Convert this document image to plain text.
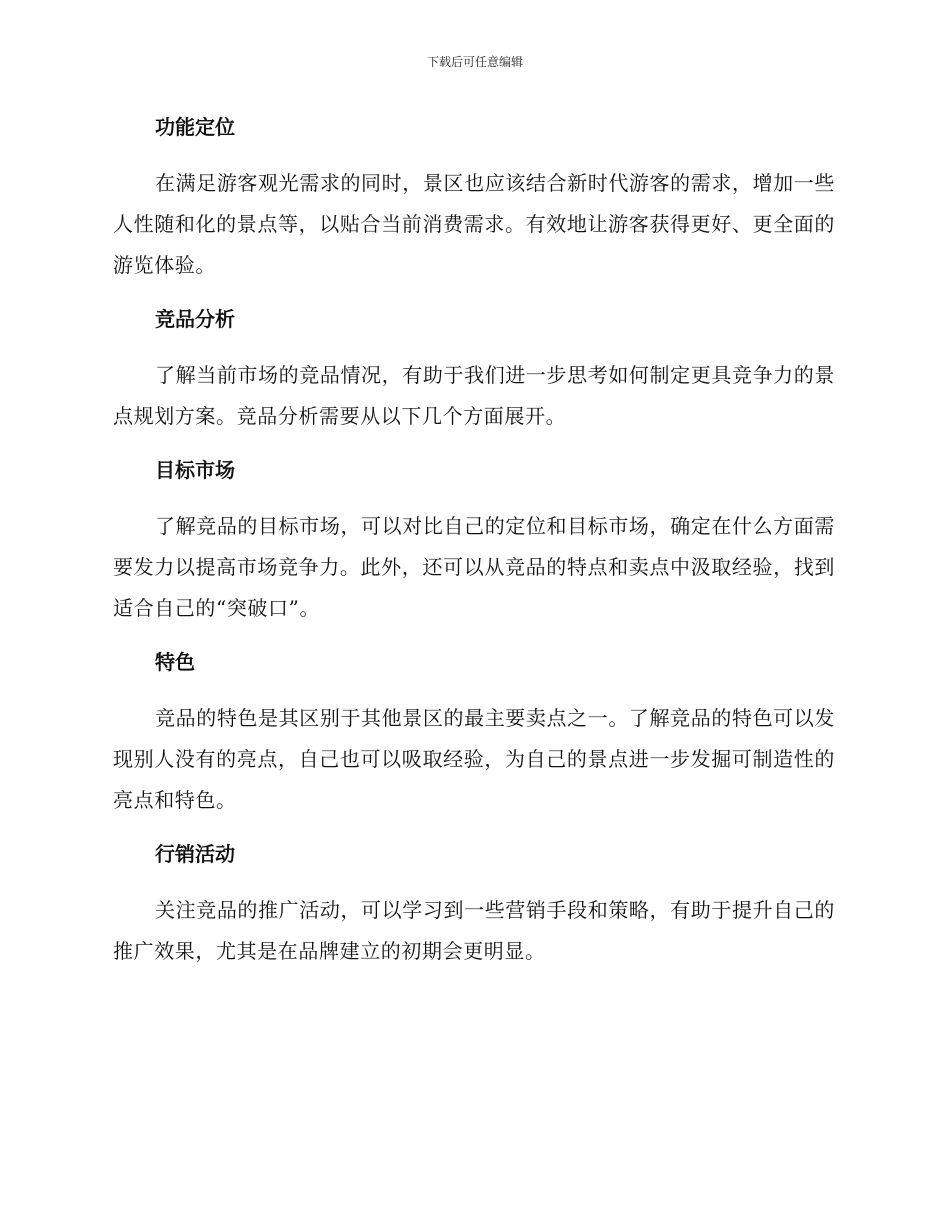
下载后可任意编辑
功能定位

在满足游客观光需求的同时，景区也应该结合新时代游客的需求，增加一些人性随和化的景点等，以贴合当前消费需求。有效地让游客获得更好、更全面的游览体验。

竞品分析

了解当前市场的竞品情况，有助于我们进一步思考如何制定更具竞争力的景点规划方案。竞品分析需要从以下几个方面展开。

目标市场

了解竞品的目标市场，可以对比自己的定位和目标市场，确定在什么方面需要发力以提高市场竞争力。此外，还可以从竞品的特点和卖点中汲取经验，找到适合自己的“突破口”。

特色

竞品的特色是其区别于其他景区的最主要卖点之一。了解竞品的特色可以发现别人没有的亮点，自己也可以吸取经验，为自己的景点进一步发掘可制造性的亮点和特色。

行销活动

关注竞品的推广活动，可以学习到一些营销手段和策略，有助于提升自己的推广效果，尤其是在品牌建立的初期会更明显。
